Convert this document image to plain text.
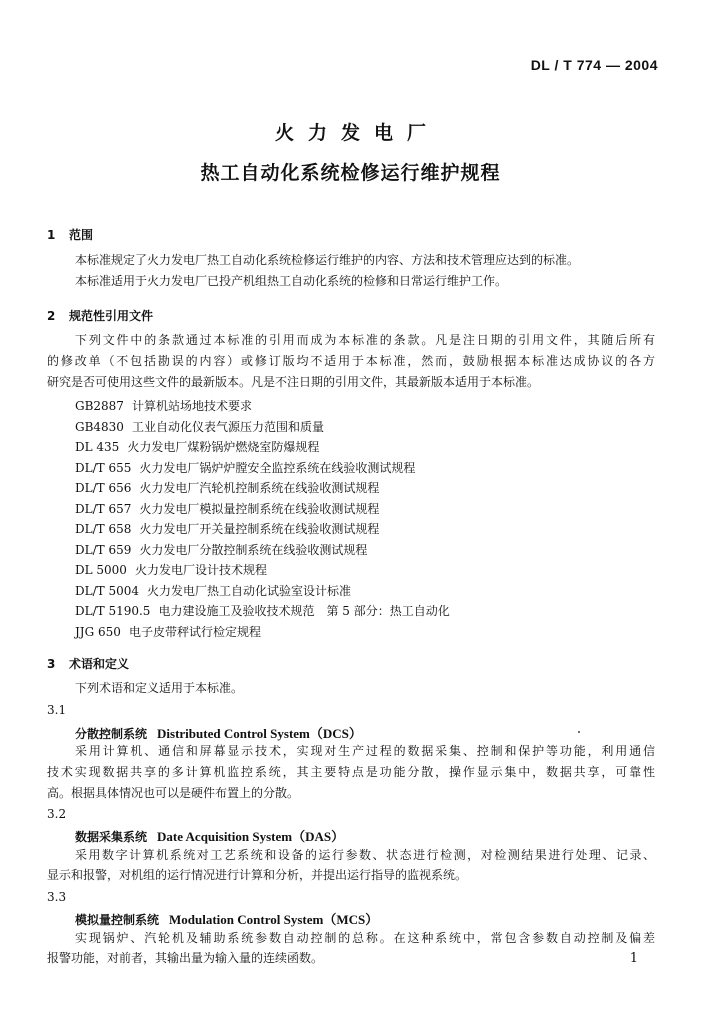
DL / T 774 — 2004
火力发电厂
热工自动化系统检修运行维护规程
1 范围
本标准规定了火力发电厂热工自动化系统检修运行维护的内容、方法和技术管理应达到的标准。
本标准适用于火力发电厂已投产机组热工自动化系统的检修和日常运行维护工作。
2 规范性引用文件
下列文件中的条款通过本标准的引用而成为本标准的条款。凡是注日期的引用文件，其随后所有
的修改单（不包括勘误的内容）或修订版均不适用于本标准，然而，鼓励根据本标准达成协议的各方
研究是否可使用这些文件的最新版本。凡是不注日期的引用文件，其最新版本适用于本标准。
GB2887 计算机站场地技术要求
GB4830 工业自动化仪表气源压力范围和质量
DL 435 火力发电厂煤粉锅炉燃烧室防爆规程
DL/T 655 火力发电厂锅炉炉膛安全监控系统在线验收测试规程
DL/T 656 火力发电厂汽轮机控制系统在线验收测试规程
DL/T 657 火力发电厂模拟量控制系统在线验收测试规程
DL/T 658 火力发电厂开关量控制系统在线验收测试规程
DL/T 659 火力发电厂分散控制系统在线验收测试规程
DL 5000 火力发电厂设计技术规程
DL/T 5004 火力发电厂热工自动化试验室设计标准
DL/T 5190.5 电力建设施工及验收技术规范　第 5 部分：热工自动化
JJG 650 电子皮带秤试行检定规程
3 术语和定义
下列术语和定义适用于本标准。
3.1
分散控制系统 Distributed Control System（DCS）
采用计算机、通信和屏幕显示技术，实现对生产过程的数据采集、控制和保护等功能，利用通信
技术实现数据共享的多计算机监控系统，其主要特点是功能分散，操作显示集中，数据共享，可靠性
高。根据具体情况也可以是硬件布置上的分散。
3.2
数据采集系统 Date Acquisition System（DAS）
采用数字计算机系统对工艺系统和设备的运行参数、状态进行检测，对检测结果进行处理、记录、
显示和报警，对机组的运行情况进行计算和分析，并提出运行指导的监视系统。
3.3
模拟量控制系统 Modulation Control System（MCS）
实现锅炉、汽轮机及辅助系统参数自动控制的总称。在这种系统中，常包含参数自动控制及偏差
报警功能，对前者，其输出量为输入量的连续函数。	1
